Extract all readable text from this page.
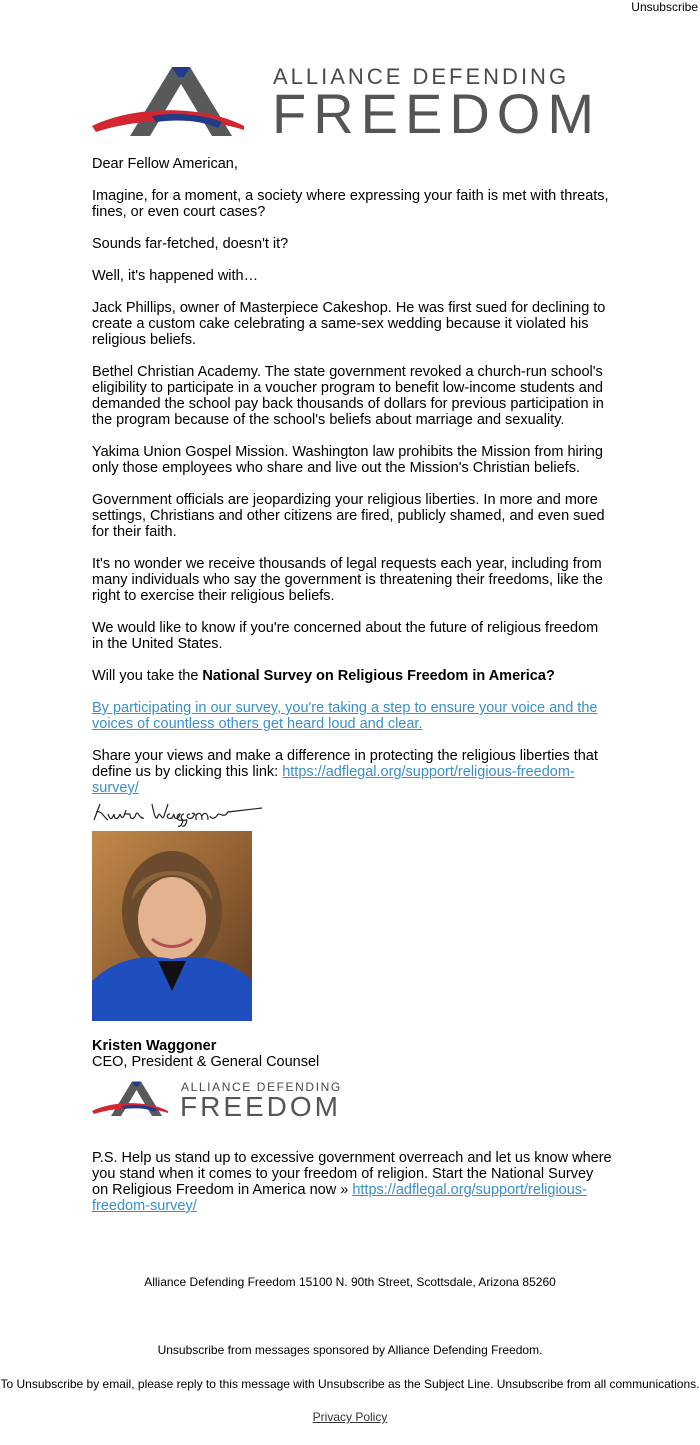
Unsubscribe
ALLIANCE DEFENDING
FREEDOM

Dear Fellow American,

Imagine, for a moment, a society where expressing your faith is met with threats, fines, or even court cases?

Sounds far-fetched, doesn't it?

Well, it's happened with…

Jack Phillips, owner of Masterpiece Cakeshop. He was first sued for declining to create a custom cake celebrating a same-sex wedding because it violated his religious beliefs.

Bethel Christian Academy. The state government revoked a church-run school's eligibility to participate in a voucher program to benefit low-income students and demanded the school pay back thousands of dollars for previous participation in the program because of the school's beliefs about marriage and sexuality.

Yakima Union Gospel Mission. Washington law prohibits the Mission from hiring only those employees who share and live out the Mission's Christian beliefs.

Government officials are jeopardizing your religious liberties. In more and more settings, Christians and other citizens are fired, publicly shamed, and even sued for their faith.

It's no wonder we receive thousands of legal requests each year, including from many individuals who say the government is threatening their freedoms, like the right to exercise their religious beliefs.

We would like to know if you're concerned about the future of religious freedom in the United States.

Will you take the National Survey on Religious Freedom in America?

By participating in our survey, you're taking a step to ensure your voice and the voices of countless others get heard loud and clear.

Share your views and make a difference in protecting the religious liberties that define us by clicking this link: https://adflegal.org/support/religious-freedom-survey/

Kristen Waggoner
CEO, President & General Counsel
ALLIANCE DEFENDING
FREEDOM
P.S. Help us stand up to excessive government overreach and let us know where you stand when it comes to your freedom of religion. Start the National Survey on Religious Freedom in America now » https://adflegal.org/support/religious-freedom-survey/
Alliance Defending Freedom 15100 N. 90th Street, Scottsdale, Arizona 85260
Unsubscribe from messages sponsored by Alliance Defending Freedom.
To Unsubscribe by email, please reply to this message with Unsubscribe as the Subject Line. Unsubscribe from all communications.
Privacy Policy
